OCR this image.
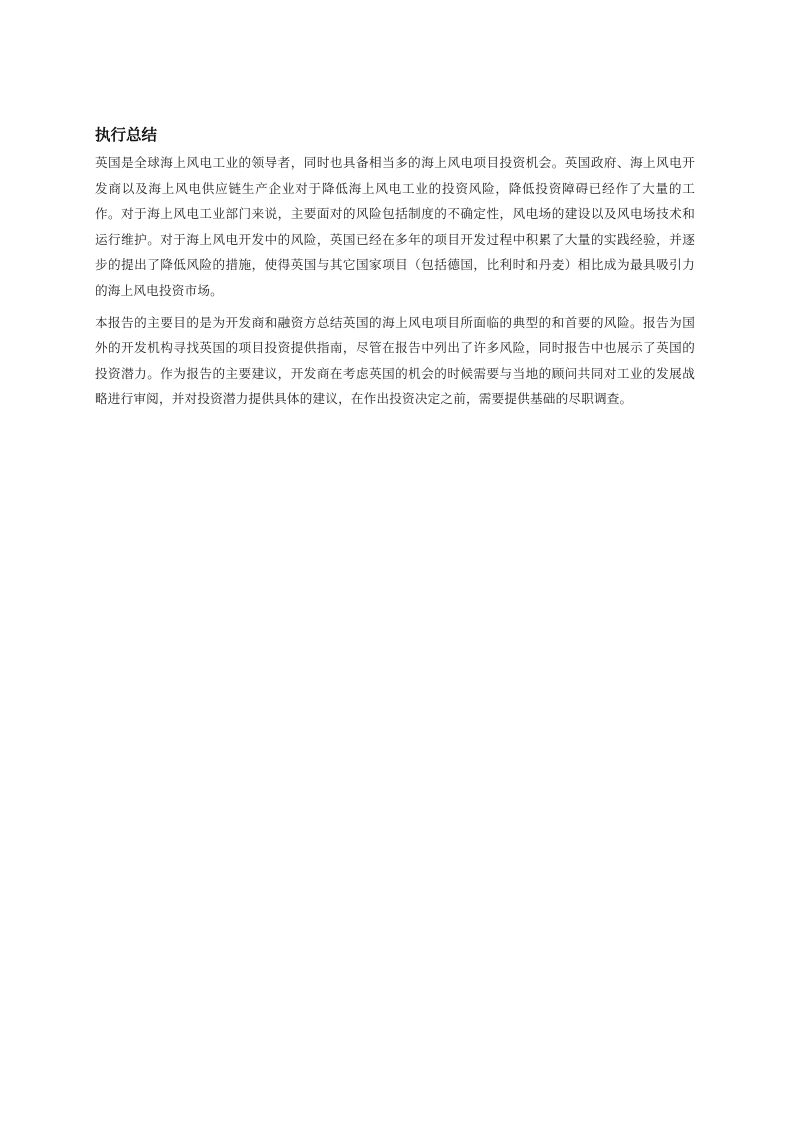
执行总结

英国是全球海上风电工业的领导者，同时也具备相当多的海上风电项目投资机会。英国政府、海上风电开发商以及海上风电供应链生产企业对于降低海上风电工业的投资风险，降低投资障碍已经作了大量的工作。对于海上风电工业部门来说，主要面对的风险包括制度的不确定性，风电场的建设以及风电场技术和运行维护。对于海上风电开发中的风险，英国已经在多年的项目开发过程中积累了大量的实践经验，并逐步的提出了降低风险的措施，使得英国与其它国家项目（包括德国，比利时和丹麦）相比成为最具吸引力的海上风电投资市场。

本报告的主要目的是为开发商和融资方总结英国的海上风电项目所面临的典型的和首要的风险。报告为国外的开发机构寻找英国的项目投资提供指南，尽管在报告中列出了许多风险，同时报告中也展示了英国的投资潜力。作为报告的主要建议，开发商在考虑英国的机会的时候需要与当地的顾问共同对工业的发展战略进行审阅，并对投资潜力提供具体的建议，在作出投资决定之前，需要提供基础的尽职调查。
